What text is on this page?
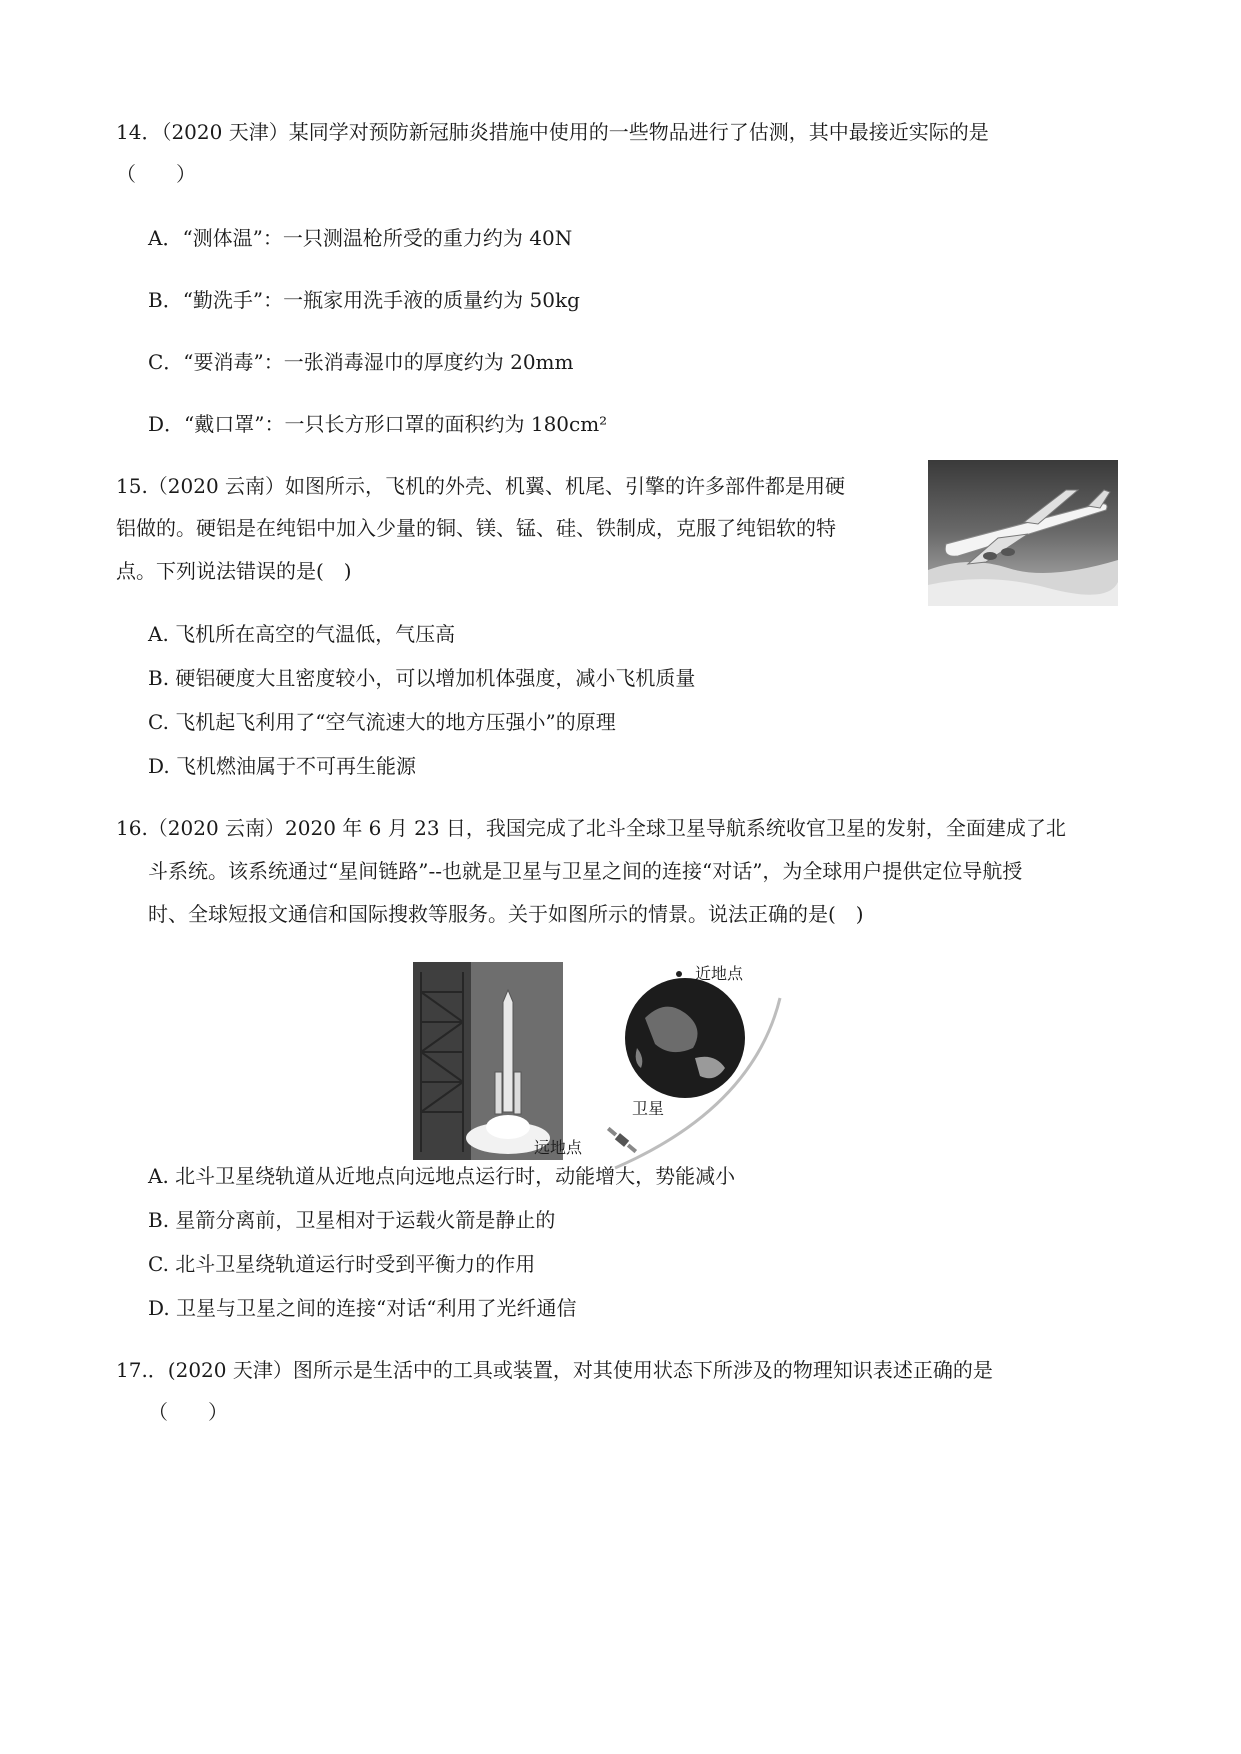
14．（2020 天津）某同学对预防新冠肺炎措施中使用的一些物品进行了估测，其中最接近实际的是
（　　）
A．“测体温”：一只测温枪所受的重力约为 40N
B．“勤洗手”：一瓶家用洗手液的质量约为 50kg
C．“要消毒”：一张消毒湿巾的厚度约为 20mm
D．“戴口罩”：一只长方形口罩的面积约为 180cm²
15.（2020 云南）如图所示，飞机的外壳、机翼、机尾、引擎的许多部件都是用硬
铝做的。硬铝是在纯铝中加入少量的铜、镁、锰、硅、铁制成，克服了纯铝软的特
点。下列说法错误的是(　)
A. 飞机所在高空的气温低，气压高
B. 硬铝硬度大且密度较小，可以增加机体强度，减小飞机质量
C. 飞机起飞利用了“空气流速大的地方压强小”的原理
D. 飞机燃油属于不可再生能源
16.（2020 云南）2020 年 6 月 23 日，我国完成了北斗全球卫星导航系统收官卫星的发射，全面建成了北
斗系统。该系统通过“星间链路”--也就是卫星与卫星之间的连接“对话”，为全球用户提供定位导航授
时、全球短报文通信和国际搜救等服务。关于如图所示的情景。说法正确的是(　)
近地点
远地点
卫星
A. 北斗卫星绕轨道从近地点向远地点运行时，动能增大，势能减小
B. 星箭分离前，卫星相对于运载火箭是静止的
C. 北斗卫星绕轨道运行时受到平衡力的作用
D. 卫星与卫星之间的连接“对话“利用了光纤通信
17.．(2020 天津）图所示是生活中的工具或装置，对其使用状态下所涉及的物理知识表述正确的是
（　　）
